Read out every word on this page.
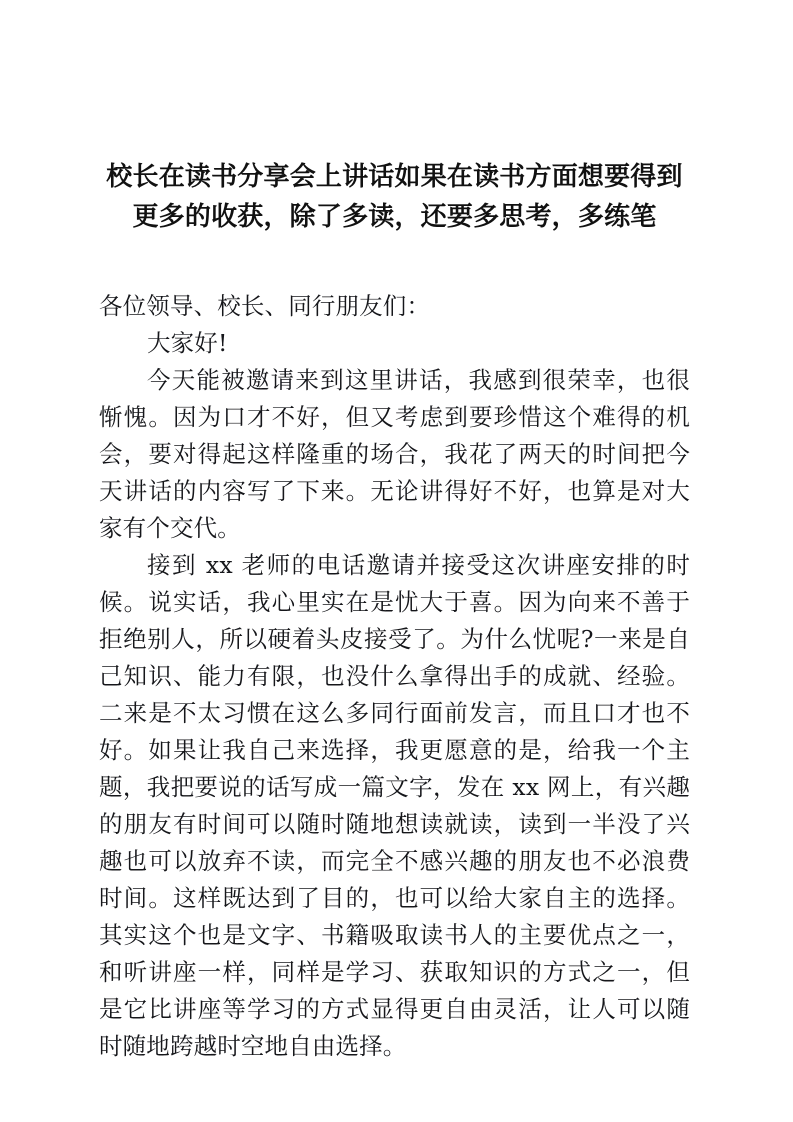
校长在读书分享会上讲话如果在读书方面想要得到更多的收获，除了多读，还要多思考，多练笔

各位领导、校长、同行朋友们：

大家好!

今天能被邀请来到这里讲话，我感到很荣幸，也很惭愧。因为口才不好，但又考虑到要珍惜这个难得的机会，要对得起这样隆重的场合，我花了两天的时间把今天讲话的内容写了下来。无论讲得好不好，也算是对大家有个交代。

接到 xx 老师的电话邀请并接受这次讲座安排的时候。说实话，我心里实在是忧大于喜。因为向来不善于拒绝别人，所以硬着头皮接受了。为什么忧呢?一来是自己知识、能力有限，也没什么拿得出手的成就、经验。二来是不太习惯在这么多同行面前发言，而且口才也不好。如果让我自己来选择，我更愿意的是，给我一个主题，我把要说的话写成一篇文字，发在 xx 网上，有兴趣的朋友有时间可以随时随地想读就读，读到一半没了兴趣也可以放弃不读，而完全不感兴趣的朋友也不必浪费时间。这样既达到了目的，也可以给大家自主的选择。其实这个也是文字、书籍吸取读书人的主要优点之一，和听讲座一样，同样是学习、获取知识的方式之一，但是它比讲座等学习的方式显得更自由灵活，让人可以随时随地跨越时空地自由选择。
